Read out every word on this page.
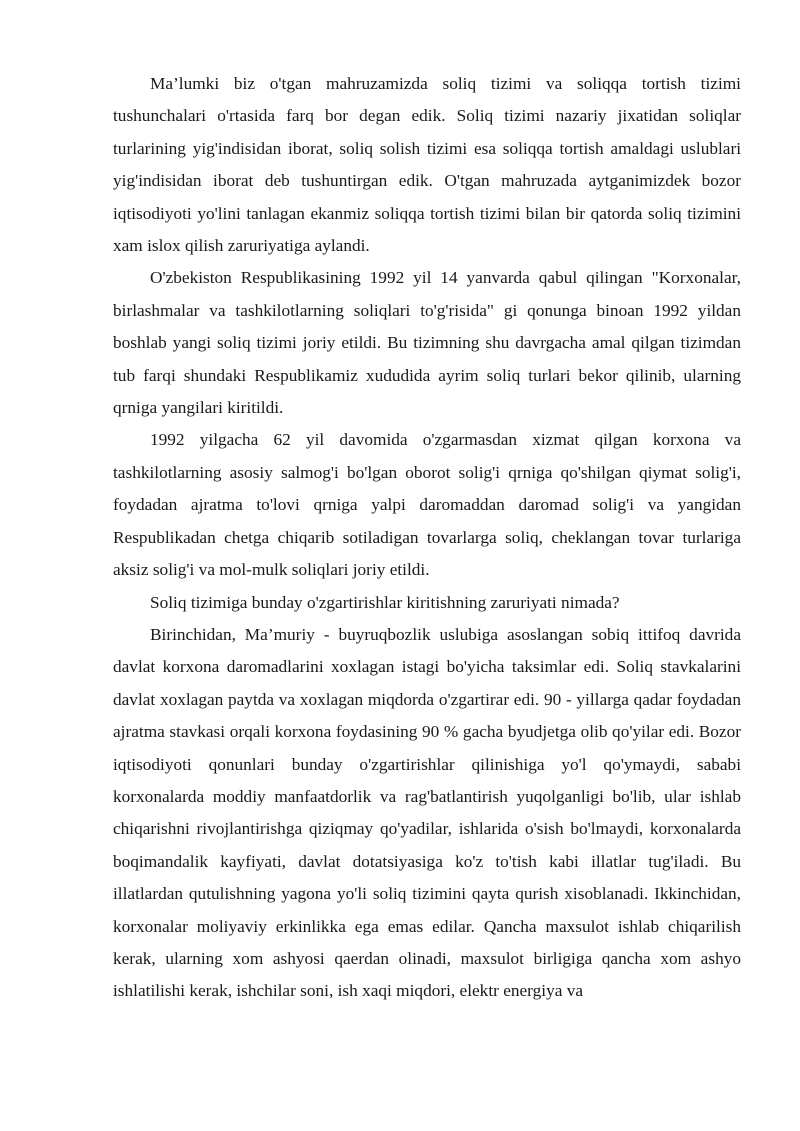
Ma’lumki biz o'tgan mahruzamizda soliq tizimi va soliqqa tortish tizimi tushunchalari o'rtasida farq bor degan edik. Soliq tizimi nazariy jixatidan soliqlar turlarining yig'indisidan iborat, soliq solish tizimi esa soliqqa tortish amaldagi uslublari yig'indisidan iborat deb tushuntirgan edik. O'tgan mahruzada aytganimizdek bozor iqtisodiyoti yo'lini tanlagan ekanmiz soliqqa tortish tizimi bilan bir qatorda soliq tizimini xam islox qilish zaruriyatiga aylandi.

O'zbekiston Respublikasining 1992 yil 14 yanvarda qabul qilingan "Korxonalar, birlashmalar va tashkilotlarning soliqlari to'g'risida" gi qonunga binoan 1992 yildan boshlab yangi soliq tizimi joriy etildi. Bu tizimning shu davrgacha amal qilgan tizimdan tub farqi shundaki Respublikamiz xududida ayrim soliq turlari bekor qilinib, ularning qrniga yangilari kiritildi.

1992 yilgacha 62 yil davomida o'zgarmasdan xizmat qilgan korxona va tashkilotlarning asosiy salmog'i bo'lgan oborot solig'i qrniga qo'shilgan qiymat solig'i, foydadan ajratma to'lovi qrniga yalpi daromaddan daromad solig'i va yangidan Respublikadan chetga chiqarib sotiladigan tovarlarga soliq, cheklangan tovar turlariga aksiz solig'i va mol-mulk soliqlari joriy etildi.

Soliq tizimiga bunday o'zgartirishlar kiritishning zaruriyati nimada?

Birinchidan, Ma’muriy - buyruqbozlik uslubiga asoslangan sobiq ittifoq davrida davlat korxona daromadlarini xoxlagan istagi bo'yicha taksimlar edi. Soliq stavkalarini davlat xoxlagan paytda va xoxlagan miqdorda o'zgartirar edi. 90 - yillarga qadar foydadan ajratma stavkasi orqali korxona foydasining 90 % gacha byudjetga olib qo'yilar edi. Bozor iqtisodiyoti qonunlari bunday o'zgartirishlar qilinishiga yo'l qo'ymaydi, sababi korxonalarda moddiy manfaatdorlik va rag'batlantirish yuqolganligi bo'lib, ular ishlab chiqarishni rivojlantirishga qiziqmay qo'yadilar, ishlarida o'sish bo'lmaydi, korxonalarda boqimandalik kayfiyati, davlat dotatsiyasiga ko'z to'tish kabi illatlar tug'iladi. Bu illatlardan qutulishning yagona yo'li soliq tizimini qayta qurish xisoblanadi. Ikkinchidan, korxonalar moliyaviy erkinlikka ega emas edilar. Qancha maxsulot ishlab chiqarilish kerak, ularning xom ashyosi qaerdan olinadi, maxsulot birligiga qancha xom ashyo ishlatilishi kerak, ishchilar soni, ish xaqi miqdori, elektr energiya va
